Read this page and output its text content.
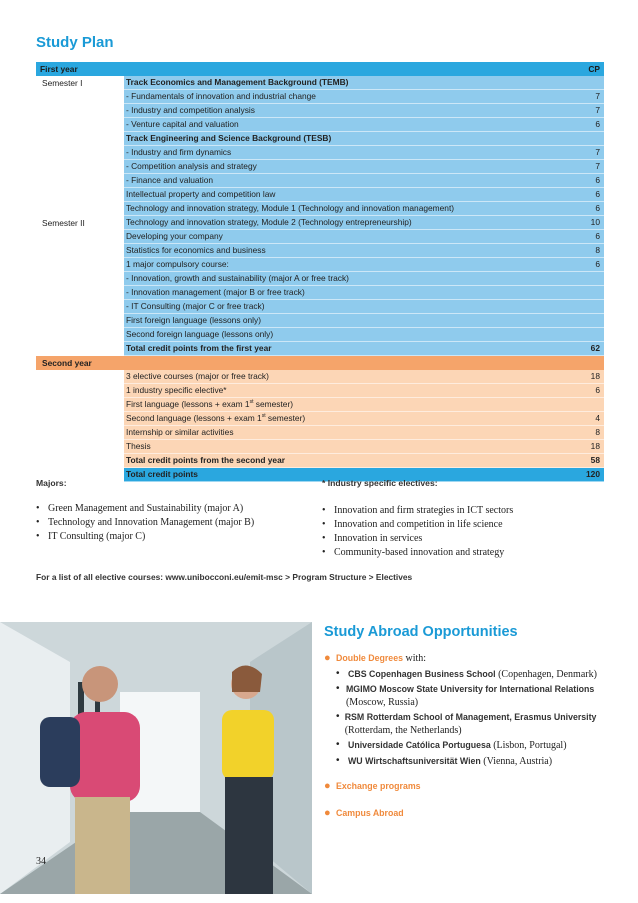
Study Plan
First year	CP
Semester I	Track Economics and Management Background (TEMB)
- Fundamentals of innovation and industrial change	7
- Industry and competition analysis	7
- Venture capital and valuation	6
Track Engineering and Science Background (TESB)
- Industry and firm dynamics	7
- Competition analysis and strategy	7
- Finance and valuation	6
Intellectual property and competition law	6
Technology and innovation strategy, Module 1 (Technology and innovation management)	6
Semester II	Technology and innovation strategy, Module 2 (Technology entrepreneurship)	10
Developing your company	6
Statistics for economics and business	8
1 major compulsory course:	6
- Innovation, growth and sustainability (major A or free track)
- Innovation management (major B or free track)
- IT Consulting (major C or free track)
First foreign language (lessons only)
Second foreign language (lessons only)
Total credit points from the first year	62
Second year
3 elective courses (major or free track)	18
1 industry specific elective*	6
First language (lessons + exam 1st semester)
Second language (lessons + exam 1st semester)	4
Internship or similar activities	8
Thesis	18
Total credit points from the second year	58
Total credit points	120
Majors:
• Green Management and Sustainability (major A)
• Technology and Innovation Management (major B)
• IT Consulting (major C)
* Industry specific electives:
• Innovation and firm strategies in ICT sectors
• Innovation and competition in life science
• Innovation in services
• Community-based innovation and strategy
For a list of all elective courses: www.unibocconi.eu/emit-msc > Program Structure > Electives
34
Study Abroad Opportunities
● Double Degrees with:
• CBS Copenhagen Business School (Copenhagen, Denmark)
• MGIMO Moscow State University for International Relations (Moscow, Russia)
• RSM Rotterdam School of Management, Erasmus University (Rotterdam, the Netherlands)
• Universidade Católica Portuguesa (Lisbon, Portugal)
• WU Wirtschaftsuniversität Wien (Vienna, Austria)
● Exchange programs
● Campus Abroad
